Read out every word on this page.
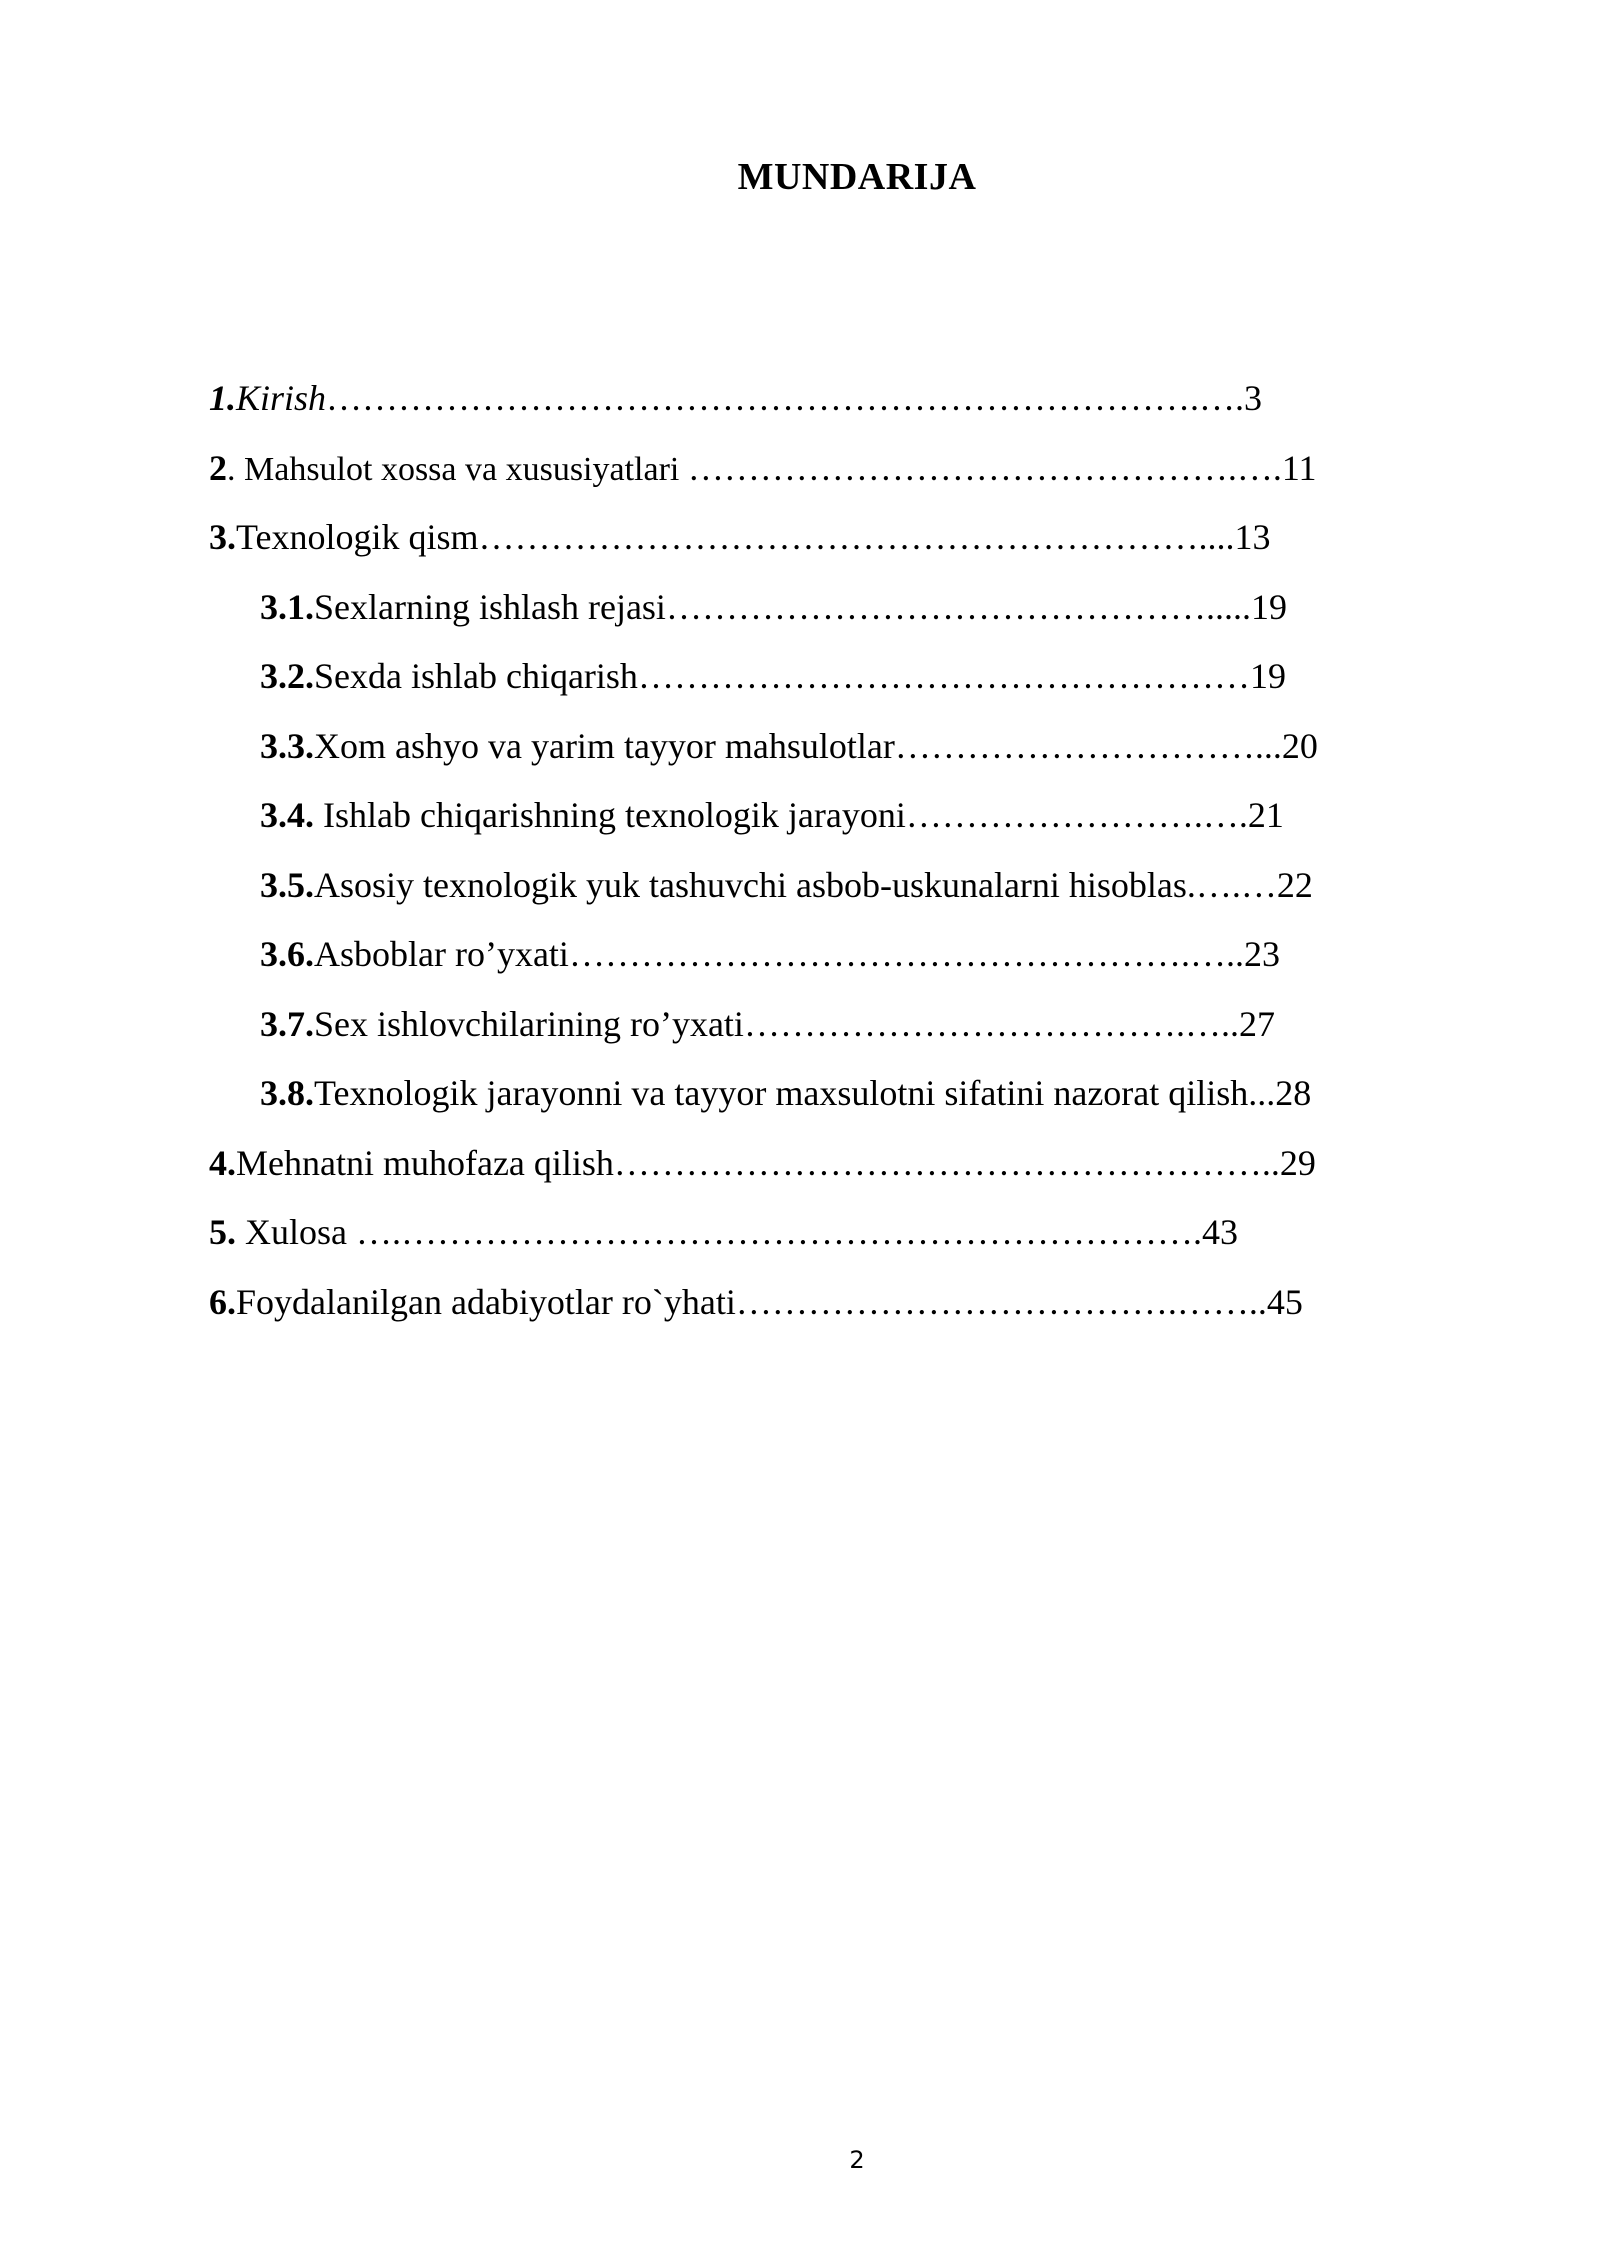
MUNDARIJA
1.Kirish……………………………………………………………….….3
2. Mahsulot xossa va xususiyatlari ……………………………………….….11
3.Texnologik qism……………………………………………………....13
3.1.Sexlarning ishlash rejasi……………………………………….....19
3.2.Sexda ishlab chiqarish……………………………………………19
3.3.Xom ashyo va yarim tayyor mahsulotlar…………………………...20
3.4. Ishlab chiqarishning texnologik jarayoni…………………….….21
3.5.Asosiy texnologik yuk tashuvchi asbob-uskunalarni hisoblas.….…22
3.6.Asboblar ro’yxati…………………………………………….…..23
3.7.Sex ishlovchilarining ro’yxati……………………………….…..27
3.8.Texnologik jarayonni va tayyor maxsulotni sifatini nazorat qilish...28
4.Mehnatni muhofaza qilish………………………………………………..29
5. Xulosa ….………………………………………………………….43
6.Foydalanilgan adabiyotlar ro`yhati……………………………….……..45
2
